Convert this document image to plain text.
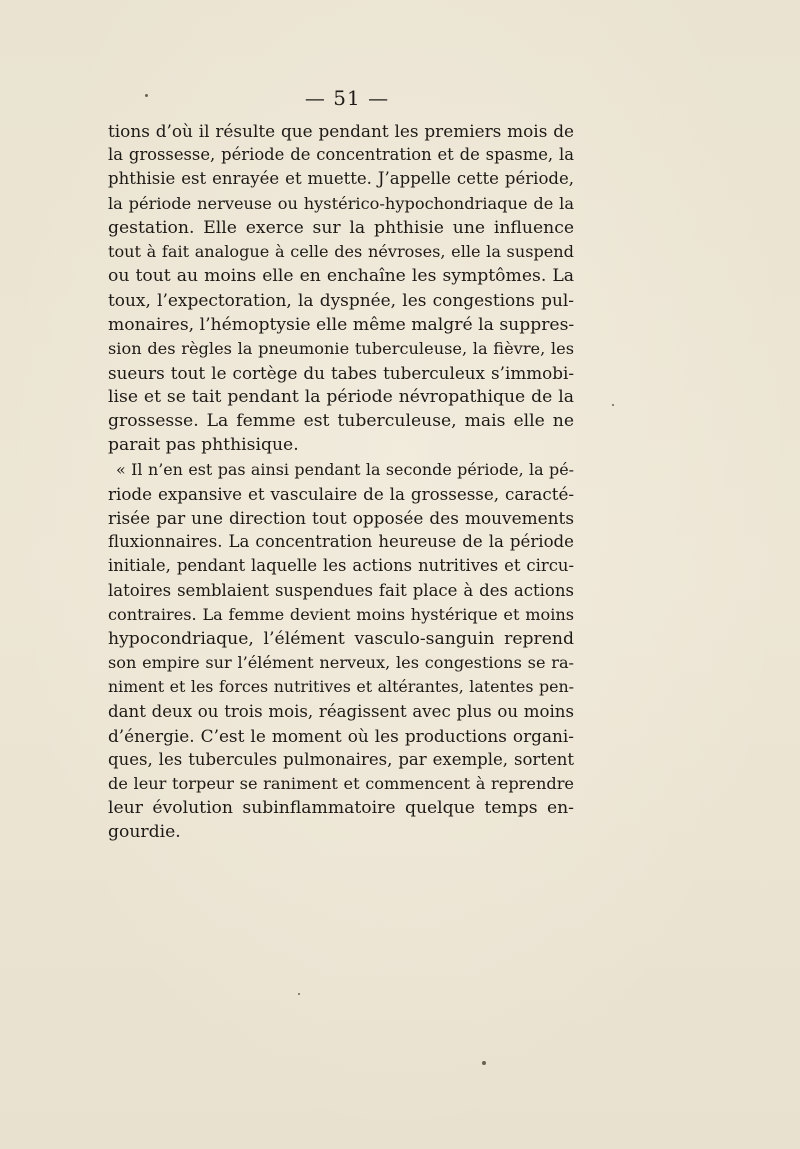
— 51 —
tions d’où il résulte que pendant les premiers mois de
la grossesse, période de concentration et de spasme, la
phthisie est enrayée et muette. J’appelle cette période,
la période nerveuse ou hystérico-hypochondriaque de la
gestation. Elle exerce sur la phthisie une influence
tout à fait analogue à celle des névroses, elle la suspend
ou tout au moins elle en enchaîne les symptômes. La
toux, l’expectoration, la dyspnée, les congestions pul-
monaires, l’hémoptysie elle même malgré la suppres-
sion des règles la pneumonie tuberculeuse, la fièvre, les
sueurs tout le cortège du tabes tuberculeux s’immobi-
lise et se tait pendant la période névropathique de la
grossesse. La femme est tuberculeuse, mais elle ne
parait pas phthisique.
« Il n’en est pas ainsi pendant la seconde période, la pé-
riode expansive et vasculaire de la grossesse, caracté-
risée par une direction tout opposée des mouvements
fluxionnaires. La concentration heureuse de la période
initiale, pendant laquelle les actions nutritives et circu-
latoires semblaient suspendues fait place à des actions
contraires. La femme devient moins hystérique et moins
hypocondriaque, l’élément vasculo-sanguin reprend
son empire sur l’élément nerveux, les congestions se ra-
niment et les forces nutritives et altérantes, latentes pen-
dant deux ou trois mois, réagissent avec plus ou moins
d’énergie. C’est le moment où les productions organi-
ques, les tubercules pulmonaires, par exemple, sortent
de leur torpeur se raniment et commencent à reprendre
leur évolution subinflammatoire quelque temps en-
gourdie.
